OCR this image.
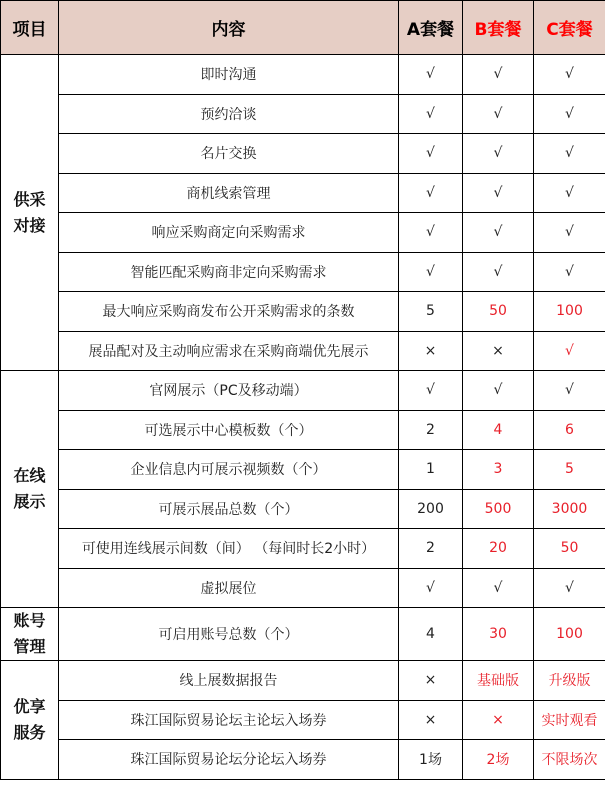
项目	内容	A套餐	B套餐	C套餐

供采
对接	即时沟通	√	√	√
	预约洽谈	√	√	√
	名片交换	√	√	√
	商机线索管理	√	√	√
	响应采购商定向采购需求	√	√	√
	智能匹配采购商非定向采购需求	√	√	√
	最大响应采购商发布公开采购需求的条数	5	50	100
	展品配对及主动响应需求在采购商端优先展示	×	×	√

在线
展示	官网展示（PC及移动端）	√	√	√
	可选展示中心模板数（个）	2	4	6
	企业信息内可展示视频数（个）	1	3	5
	可展示展品总数（个）	200	500	3000
	可使用连线展示间数（间） （每间时长2小时）	2	20	50
	虚拟展位	√	√	√

账号
管理	可启用账号总数（个）	4	30	100

优享
服务	线上展数据报告	×	基础版	升级版
	珠江国际贸易论坛主论坛入场券	×	×	实时观看
	珠江国际贸易论坛分论坛入场券	1场	2场	不限场次
